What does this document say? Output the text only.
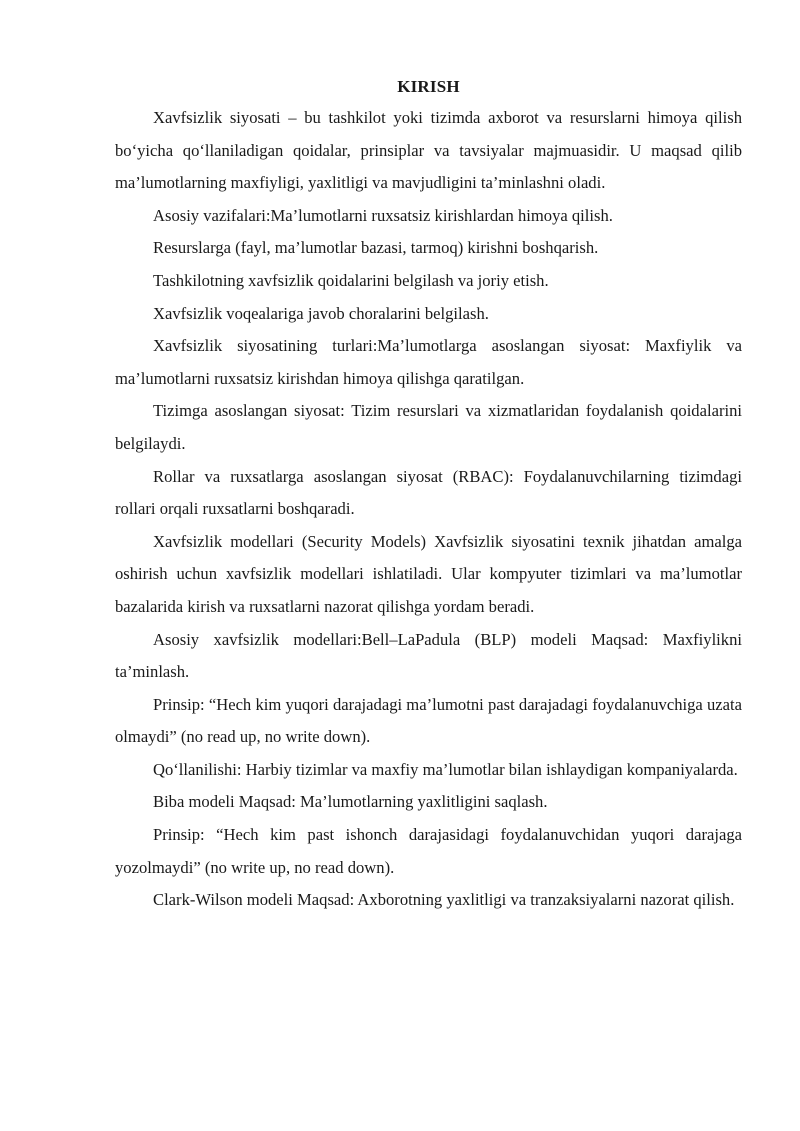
KIRISH

Xavfsizlik siyosati – bu tashkilot yoki tizimda axborot va resurslarni himoya qilish bo‘yicha qo‘llaniladigan qoidalar, prinsiplar va tavsiyalar majmuasidir. U maqsad qilib ma’lumotlarning maxfiyligi, yaxlitligi va mavjudligini ta’minlashni oladi.

Asosiy vazifalari:Ma’lumotlarni ruxsatsiz kirishlardan himoya qilish.

Resurslarga (fayl, ma’lumotlar bazasi, tarmoq) kirishni boshqarish.

Tashkilotning xavfsizlik qoidalarini belgilash va joriy etish.

Xavfsizlik voqealariga javob choralarini belgilash.

Xavfsizlik siyosatining turlari:Ma’lumotlarga asoslangan siyosat: Maxfiylik va ma’lumotlarni ruxsatsiz kirishdan himoya qilishga qaratilgan.

Tizimga asoslangan siyosat: Tizim resurslari va xizmatlaridan foydalanish qoidalarini belgilaydi.

Rollar va ruxsatlarga asoslangan siyosat (RBAC): Foydalanuvchilarning tizimdagi rollari orqali ruxsatlarni boshqaradi.

Xavfsizlik modellari (Security Models) Xavfsizlik siyosatini texnik jihatdan amalga oshirish uchun xavfsizlik modellari ishlatiladi. Ular kompyuter tizimlari va ma’lumotlar bazalarida kirish va ruxsatlarni nazorat qilishga yordam beradi.

Asosiy xavfsizlik modellari:Bell–LaPadula (BLP) modeli Maqsad: Maxfiylikni ta’minlash.

Prinsip: “Hech kim yuqori darajadagi ma’lumotni past darajadagi foydalanuvchiga uzata olmaydi” (no read up, no write down).

Qo‘llanilishi: Harbiy tizimlar va maxfiy ma’lumotlar bilan ishlaydigan kompaniyalarda.

Biba modeli Maqsad: Ma’lumotlarning yaxlitligini saqlash.

Prinsip: “Hech kim past ishonch darajasidagi foydalanuvchidan yuqori darajaga yozolmaydi” (no write up, no read down).

Clark-Wilson modeli Maqsad: Axborotning yaxlitligi va tranzaksiyalarni nazorat qilish.
